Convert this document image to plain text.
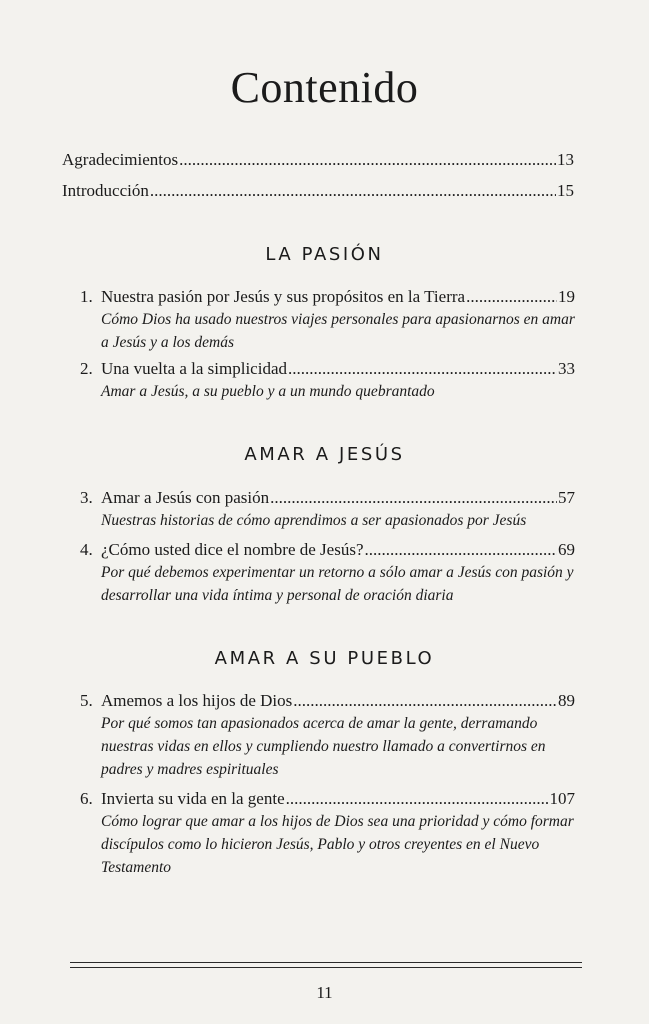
Contenido
Agradecimientos .....	13
Introducción .....	15
LA PASIÓN
1. Nuestra pasión por Jesús y sus propósitos en la Tierra .....	19
Cómo Dios ha usado nuestros viajes personales para apasionarnos en amar a Jesús y a los demás
2. Una vuelta a la simplicidad .....	33
Amar a Jesús, a su pueblo y a un mundo quebrantado
AMAR A JESÚS
3. Amar a Jesús con pasión .....	57
Nuestras historias de cómo aprendimos a ser apasionados por Jesús
4. ¿Cómo usted dice el nombre de Jesús? .....	69
Por qué debemos experimentar un retorno a sólo amar a Jesús con pasión y desarrollar una vida íntima y personal de oración diaria
AMAR A SU PUEBLO
5. Amemos a los hijos de Dios .....	89
Por qué somos tan apasionados acerca de amar la gente, derramando nuestras vidas en ellos y cumpliendo nuestro llamado a convertirnos en padres y madres espirituales
6. Invierta su vida en la gente .....	107
Cómo lograr que amar a los hijos de Dios sea una prioridad y cómo formar discípulos como lo hicieron Jesús, Pablo y otros creyentes en el Nuevo Testamento
11
